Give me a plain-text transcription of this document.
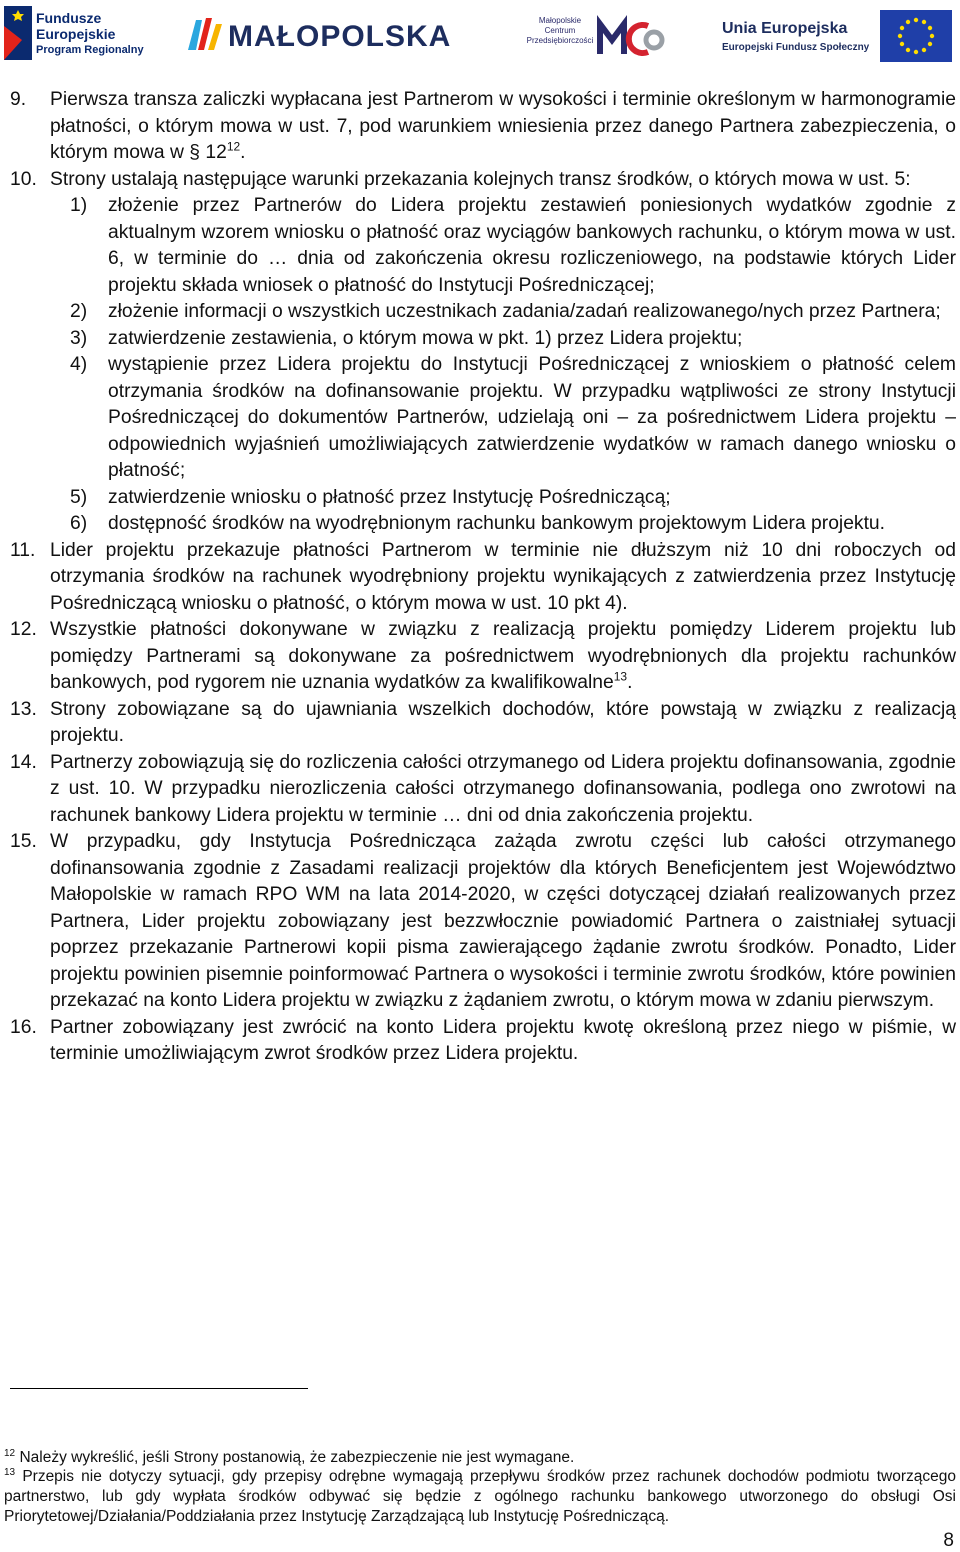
Fundusze
Europejskie
Program Regionalny	MAŁOPOLSKA	Małopolskie
Centrum
Przedsiębiorczości
Unia Europejska
Europejski Fundusz Społeczny
9. Pierwsza transza zaliczki wypłacana jest Partnerom w wysokości i terminie określonym w harmonogramie płatności, o którym mowa w ust. 7, pod warunkiem wniesienia przez danego Partnera zabezpieczenia, o którym mowa w § $12^{12}$.
10. Strony ustalają następujące warunki przekazania kolejnych transz środków, o których mowa w ust. 5:
1) złożenie przez Partnerów do Lidera projektu zestawień poniesionych wydatków zgodnie z aktualnym wzorem wniosku o płatność oraz wyciągów bankowych rachunku, o którym mowa w ust. 6, w terminie do … dnia od zakończenia okresu rozliczeniowego, na podstawie których Lider projektu składa wniosek o płatność do Instytucji Pośredniczącej;
2) złożenie informacji o wszystkich uczestnikach zadania/zadań realizowanego/nych przez Partnera;
3) zatwierdzenie zestawienia, o którym mowa w pkt. 1) przez Lidera projektu;
4) wystąpienie przez Lidera projektu do Instytucji Pośredniczącej z wnioskiem o płatność celem otrzymania środków na dofinansowanie projektu. W przypadku wątpliwości ze strony Instytucji Pośredniczącej do dokumentów Partnerów, udzielają oni – za pośrednictwem Lidera projektu – odpowiednich wyjaśnień umożliwiających zatwierdzenie wydatków w ramach danego wniosku o płatność;
5) zatwierdzenie wniosku o płatność przez Instytucję Pośredniczącą;
6) dostępność środków na wyodrębnionym rachunku bankowym projektowym Lidera projektu.
11. Lider projektu przekazuje płatności Partnerom w terminie nie dłuższym niż 10 dni roboczych od otrzymania środków na rachunek wyodrębniony projektu wynikających z zatwierdzenia przez Instytucję Pośredniczącą wniosku o płatność, o którym mowa w ust. 10 pkt 4).
12. Wszystkie płatności dokonywane w związku z realizacją projektu pomiędzy Liderem projektu lub pomiędzy Partnerami są dokonywane za pośrednictwem wyodrębnionych dla projektu rachunków bankowych, pod rygorem nie uznania wydatków za kwalifikowalne$^{13}$.
13. Strony zobowiązane są do ujawniania wszelkich dochodów, które powstają w związku z realizacją projektu.
14. Partnerzy zobowiązują się do rozliczenia całości otrzymanego od Lidera projektu dofinansowania, zgodnie z ust. 10. W przypadku nierozliczenia całości otrzymanego dofinansowania, podlega ono zwrotowi na rachunek bankowy Lidera projektu w terminie … dni od dnia zakończenia projektu.
15. W przypadku, gdy Instytucja Pośrednicząca zażąda zwrotu części lub całości otrzymanego dofinansowania zgodnie z Zasadami realizacji projektów dla których Beneficjentem jest Województwo Małopolskie w ramach RPO WM na lata 2014-2020, w części dotyczącej działań realizowanych przez Partnera, Lider projektu zobowiązany jest bezzwłocznie powiadomić Partnera o zaistniałej sytuacji poprzez przekazanie Partnerowi kopii pisma zawierającego żądanie zwrotu środków. Ponadto, Lider projektu powinien pisemnie poinformować Partnera o wysokości i terminie zwrotu środków, które powinien przekazać na konto Lidera projektu w związku z żądaniem zwrotu, o którym mowa w zdaniu pierwszym.
16. Partner zobowiązany jest zwrócić na konto Lidera projektu kwotę określoną przez niego w piśmie, w terminie umożliwiającym zwrot środków przez Lidera projektu.
$^{12}$ Należy wykreślić, jeśli Strony postanowią, że zabezpieczenie nie jest wymagane.
$^{13}$ Przepis nie dotyczy sytuacji, gdy przepisy odrębne wymagają przepływu środków przez rachunek dochodów podmiotu tworzącego partnerstwo, lub gdy wypłata środków odbywać się będzie z ogólnego rachunku bankowego utworzonego do obsługi Osi Priorytetowej/Działania/Poddziałania przez Instytucję Zarządzającą lub Instytucję Pośredniczącą.
8
